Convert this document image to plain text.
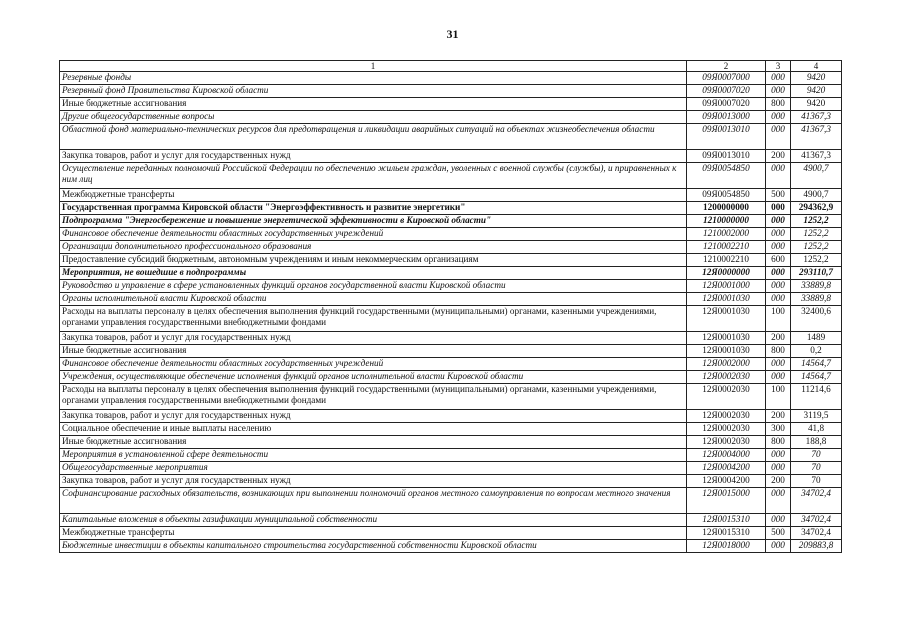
31
1	2	3	4
Резервные фонды	09Я0007000	000	9420
Резервный фонд Правительства Кировской области	09Я0007020	000	9420
Иные бюджетные ассигнования	09Я0007020	800	9420
Другие общегосударственные вопросы	09Я0013000	000	41367,3
Областной фонд материально-технических ресурсов для предотвращения и ликвидации аварийных ситуаций на объектах жизнеобеспечения области	09Я0013010	000	41367,3
Закупка товаров, работ и услуг для государственных нужд	09Я0013010	200	41367,3
Осуществление переданных полномочий Российской Федерации по обеспечению жильем граждан, уволенных с военной службы (службы), и приравненных к ним лиц	09Я0054850	000	4900,7
Межбюджетные трансферты	09Я0054850	500	4900,7
Государственная программа Кировской области "Энергоэффективность и развитие энергетики"	1200000000	000	294362,9
Подпрограмма "Энергосбережение и повышение энергетической эффективности в Кировской области"	1210000000	000	1252,2
Финансовое обеспечение деятельности областных государственных учреждений	1210002000	000	1252,2
Организации дополнительного профессионального образования	1210002210	000	1252,2
Предоставление субсидий бюджетным, автономным учреждениям и иным некоммерческим организациям	1210002210	600	1252,2
Мероприятия, не вошедшие в подпрограммы	12Я0000000	000	293110,7
Руководство и управление в сфере установленных функций органов государственной власти Кировской области	12Я0001000	000	33889,8
Органы исполнительной власти Кировской области	12Я0001030	000	33889,8
Расходы на выплаты персоналу в целях обеспечения выполнения функций государственными (муниципальными) органами, казенными учреждениями, органами управления государственными внебюджетными фондами	12Я0001030	100	32400,6
Закупка товаров, работ и услуг для государственных нужд	12Я0001030	200	1489
Иные бюджетные ассигнования	12Я0001030	800	0,2
Финансовое обеспечение деятельности областных государственных учреждений	12Я0002000	000	14564,7
Учреждения, осуществляющие обеспечение исполнения функций органов исполнительной власти Кировской области	12Я0002030	000	14564,7
Расходы на выплаты персоналу в целях обеспечения выполнения функций государственными (муниципальными) органами, казенными учреждениями, органами управления государственными внебюджетными фондами	12Я0002030	100	11214,6
Закупка товаров, работ и услуг для государственных нужд	12Я0002030	200	3119,5
Социальное обеспечение и иные выплаты населению	12Я0002030	300	41,8
Иные бюджетные ассигнования	12Я0002030	800	188,8
Мероприятия в установленной сфере деятельности	12Я0004000	000	70
Общегосударственные мероприятия	12Я0004200	000	70
Закупка товаров, работ и услуг для государственных нужд	12Я0004200	200	70
Софинансирование расходных обязательств, возникающих при выполнении полномочий органов местного самоуправления по вопросам местного значения	12Я0015000	000	34702,4
Капитальные вложения в объекты газификации муниципальной собственности	12Я0015310	000	34702,4
Межбюджетные трансферты	12Я0015310	500	34702,4
Бюджетные инвестиции в объекты капитального строительства государственной собственности Кировской области	12Я0018000	000	209883,8
